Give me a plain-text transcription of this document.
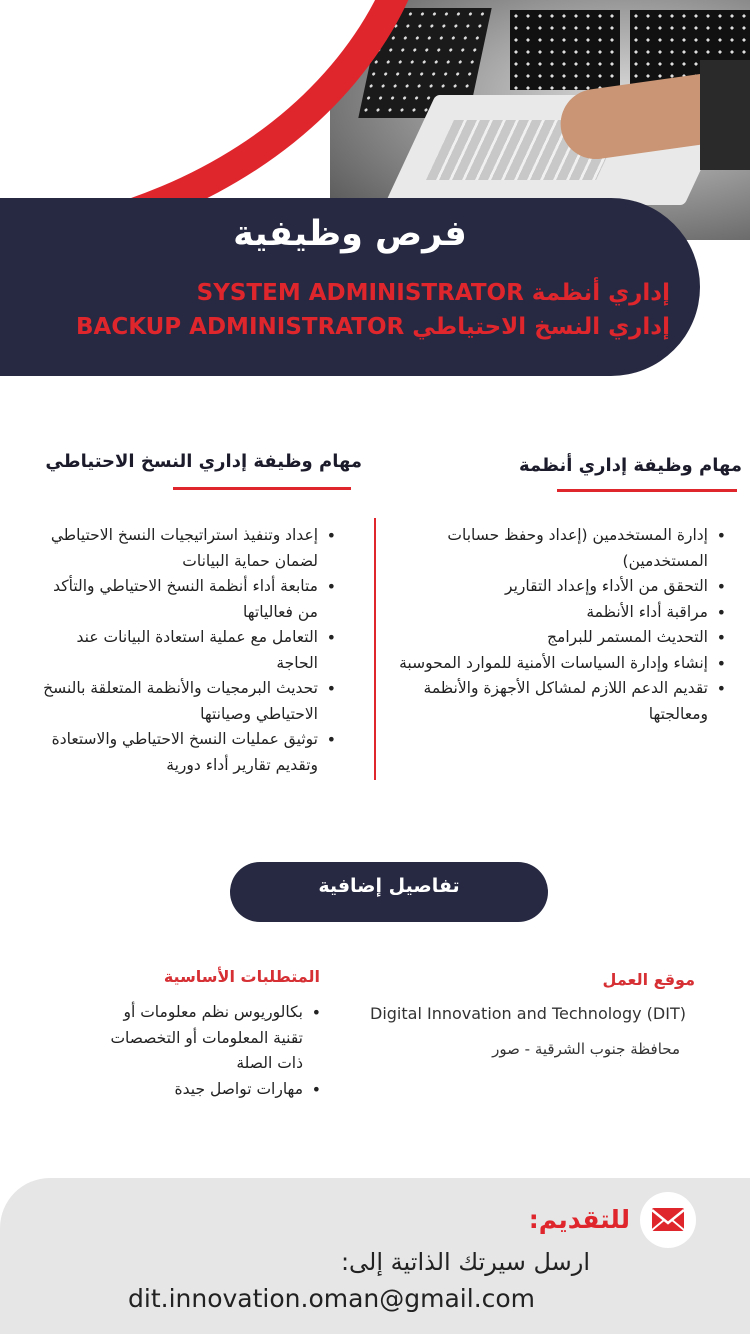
فرص وظيفية
إداري أنظمة SYSTEM ADMINISTRATOR
إداري النسخ الاحتياطي BACKUP ADMINISTRATOR
مهام وظيفة إداري أنظمة
مهام وظيفة إداري النسخ الاحتياطي
• إدارة المستخدمين (إعداد وحفظ حسابات المستخدمين)
• التحقق من الأداء وإعداد التقارير
• مراقبة أداء الأنظمة
• التحديث المستمر للبرامج
• إنشاء وإدارة السياسات الأمنية للموارد المحوسبة
• تقديم الدعم اللازم لمشاكل الأجهزة والأنظمة ومعالجتها
• إعداد وتنفيذ استراتيجيات النسخ الاحتياطي لضمان حماية البيانات
• متابعة أداء أنظمة النسخ الاحتياطي والتأكد من فعالياتها
• التعامل مع عملية استعادة البيانات عند الحاجة
• تحديث البرمجيات والأنظمة المتعلقة بالنسخ الاحتياطي وصيانتها
• توثيق عمليات النسخ الاحتياطي والاستعادة وتقديم تقارير أداء دورية
تفاصيل إضافية
موقع العمل
Digital Innovation and Technology (DIT)
محافظة جنوب الشرقية - صور
المتطلبات الأساسية
• بكالوريوس نظم معلومات أو تقنية المعلومات أو التخصصات ذات الصلة
• مهارات تواصل جيدة
للتقديم:
ارسل سيرتك الذاتية إلى:
dit.innovation.oman@gmail.com
